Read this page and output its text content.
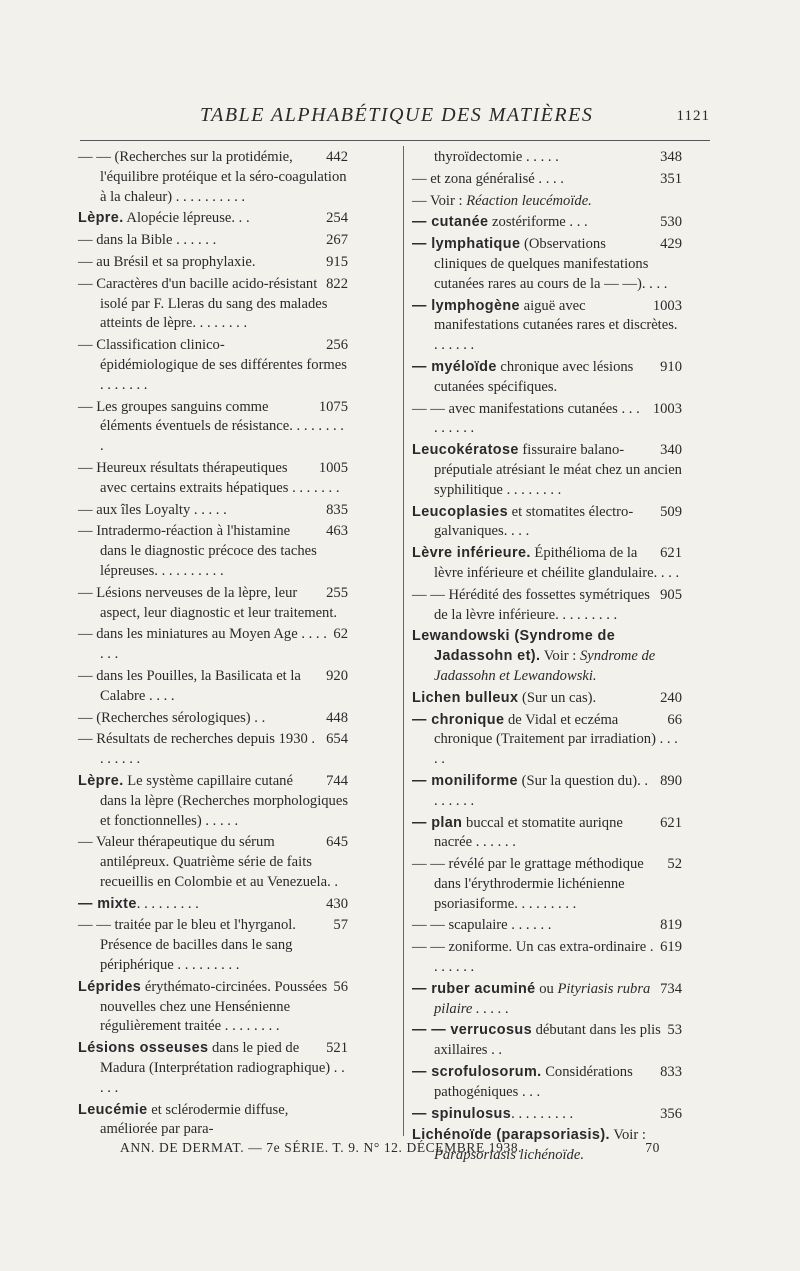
TABLE ALPHABÉTIQUE DES MATIÈRES	1121
442
— — (Recherches sur la protidémie, l'équilibre protéique et la séro-coagulation à la chaleur) . . . . . . . . . .
254
Lèpre. Alopécie lépreuse. . .
267
— dans la Bible . . . . . .
915
— au Brésil et sa prophylaxie.
822
— Caractères d'un bacille acido-résistant isolé par F. Lleras du sang des malades atteints de lèpre. . . . . . . .
256
— Classification clinico-épidémiologique de ses différentes formes . . . . . . .
1075
— Les groupes sanguins comme éléments éventuels de résistance. . . . . . . . .
1005
— Heureux résultats thérapeutiques avec certains extraits hépatiques . . . . . . .
835
— aux îles Loyalty . . . . .
463
— Intradermo-réaction à l'histamine dans le diagnostic précoce des taches lépreuses. . . . . . . . . .
255
— Lésions nerveuses de la lèpre, leur aspect, leur diagnostic et leur traitement.
62
— dans les miniatures au Moyen Age . . . . . . .
920
— dans les Pouilles, la Basilicata et la Calabre . . . .
448
— (Recherches sérologiques) . .
654
— Résultats de recherches depuis 1930 . . . . . . .
744
Lèpre. Le système capillaire cutané dans la lèpre (Recherches morphologiques et fonctionnelles) . . . . .
645
— Valeur thérapeutique du sérum antilépreux. Quatrième série de faits recueillis en Colombie et au Venezuela. .
430
— mixte. . . . . . . . .
57
— — traitée par le bleu et l'hyrganol. Présence de bacilles dans le sang périphérique . . . . . . . . .
56
Léprides érythémato-circinées. Poussées nouvelles chez une Hensénienne régulièrement traitée . . . . . . . .
521
Lésions osseuses dans le pied de Madura (Interprétation radiographique) . . . . .
Leucémie et sclérodermie diffuse, améliorée par para-
348
thyroïdectomie . . . . .
351
— et zona généralisé . . . .
— Voir : Réaction leucémoïde.
530
— cutanée zostériforme . . .
429
— lymphatique (Observations cliniques de quelques manifestations cutanées rares au cours de la — —). . . .
1003
— lymphogène aiguë avec manifestations cutanées rares et discrètes. . . . . . .
910
— myéloïde chronique avec lésions cutanées spécifiques.
1003
— — avec manifestations cutanées . . . . . . . . .
340
Leucokératose fissuraire balano-préputiale atrésiant le méat chez un ancien syphilitique . . . . . . . .
509
Leucoplasies et stomatites électro-galvaniques. . . .
621
Lèvre inférieure. Épithélioma de la lèvre inférieure et chéilite glandulaire. . . .
905
— — Hérédité des fossettes symétriques de la lèvre inférieure. . . . . . . . .
Lewandowski (Syndrome de Jadassohn et). Voir : Syndrome de Jadassohn et Lewandowski.
240
Lichen bulleux (Sur un cas).
66
— chronique de Vidal et eczéma chronique (Traitement par irradiation) . . . . .
890
— moniliforme (Sur la question du). . . . . . . .
621
— plan buccal et stomatite auriqne nacrée . . . . . .
52
— — révélé par le grattage méthodique dans l'érythrodermie lichénienne psoriasiforme. . . . . . . . .
819
— — scapulaire . . . . . .
619
— — zoniforme. Un cas extra-ordinaire . . . . . . .
734
— ruber acuminé ou Pityriasis rubra pilaire . . . . .
53
— — verrucosus débutant dans les plis axillaires . .
833
— scrofulosorum. Considérations pathogéniques . . .
356
— spinulosus. . . . . . . . .
Lichénoïde (parapsoriasis). Voir : Parapsoriasis lichénoïde.
ANN. DE DERMAT. — 7e SÉRIE. T. 9. N° 12. DÉCEMBRE 1938.	70
